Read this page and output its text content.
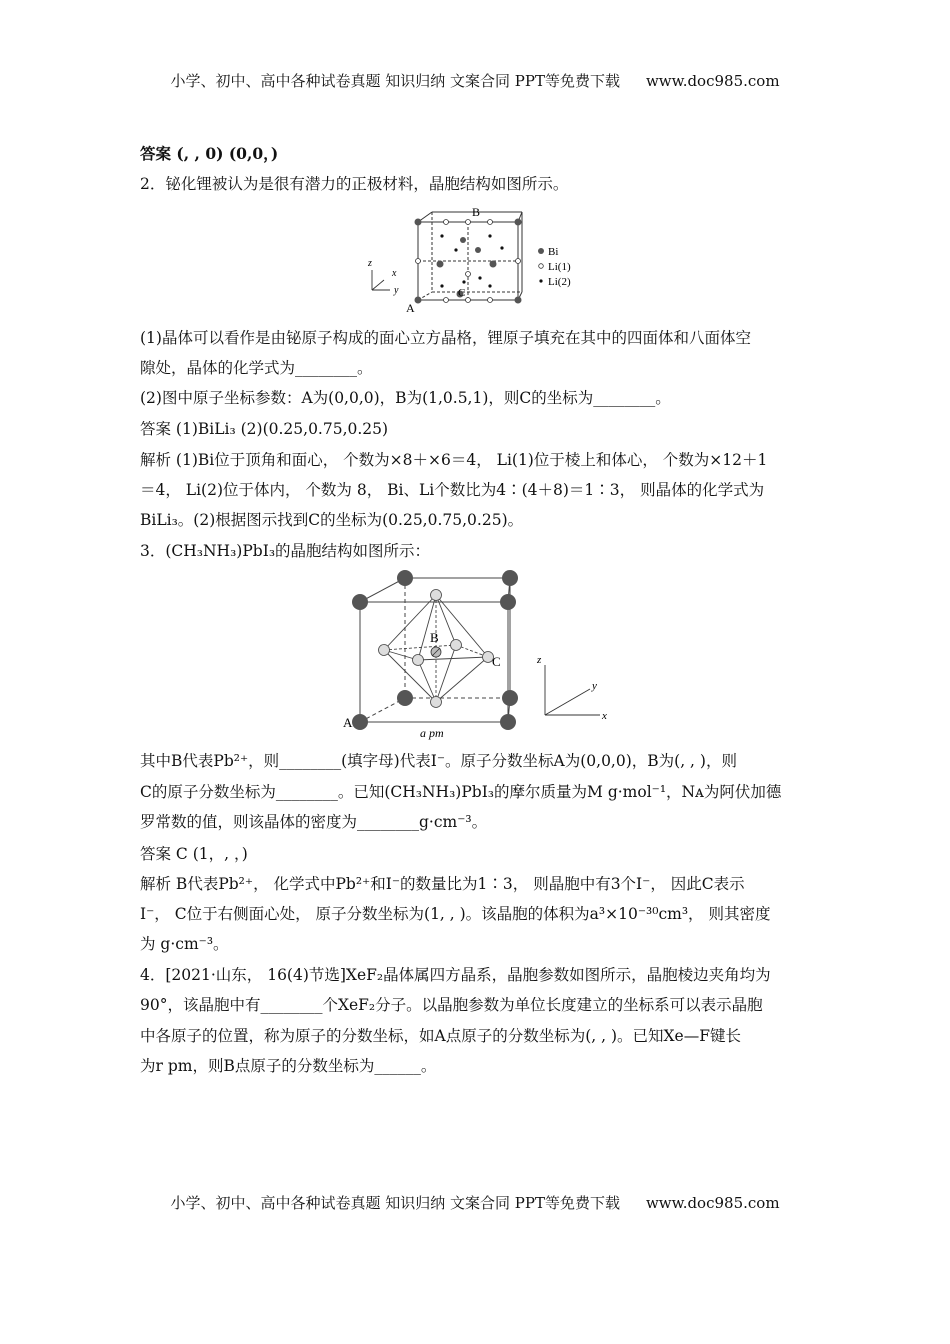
小学、初中、高中各种试卷真题 知识归纳 文案合同 PPT等免费下载 www.doc985.com
答案 (, , 0) (0,0，)
2．铋化锂被认为是很有潜力的正极材料，晶胞结构如图所示。
B
A
C
z
x
y
Bi
Li(1)
Li(2)
(1)晶体可以看作是由铋原子构成的面心立方晶格，锂原子填充在其中的四面体和八面体空
隙处，晶体的化学式为________。
(2)图中原子坐标参数：A为(0,0,0)，B为(1,0.5,1)，则C的坐标为________。
答案 (1)BiLi₃ (2)(0.25,0.75,0.25)
解析 (1)Bi位于顶角和面心， 个数为×8＋×6＝4， Li(1)位于棱上和体心， 个数为×12＋1
＝4， Li(2)位于体内， 个数为 8， Bi、Li个数比为4∶(4＋8)＝1∶3， 则晶体的化学式为
BiLi₃。(2)根据图示找到C的坐标为(0.25,0.75,0.25)。
3．(CH₃NH₃)PbI₃的晶胞结构如图所示：
B
C
A
a pm
z
y
x
其中B代表Pb²⁺，则________(填字母)代表I⁻。原子分数坐标A为(0,0,0)，B为(, , )，则
C的原子分数坐标为________。已知(CH₃NH₃)PbI₃的摩尔质量为M g·mol⁻¹，Nᴀ为阿伏加德
罗常数的值，则该晶体的密度为________g·cm⁻³。
答案 C (1，, ，)
解析 B代表Pb²⁺， 化学式中Pb²⁺和I⁻的数量比为1∶3， 则晶胞中有3个I⁻， 因此C表示
I⁻， C位于右侧面心处， 原子分数坐标为(1, , )。该晶胞的体积为a³×10⁻³⁰cm³， 则其密度
为 g·cm⁻³。
4．[2021·山东， 16(4)节选]XeF₂晶体属四方晶系，晶胞参数如图所示，晶胞棱边夹角均为
90°，该晶胞中有________个XeF₂分子。以晶胞参数为单位长度建立的坐标系可以表示晶胞
中各原子的位置，称为原子的分数坐标，如A点原子的分数坐标为(, , )。已知Xe—F键长
为r pm，则B点原子的分数坐标为______。
小学、初中、高中各种试卷真题 知识归纳 文案合同 PPT等免费下载 www.doc985.com
